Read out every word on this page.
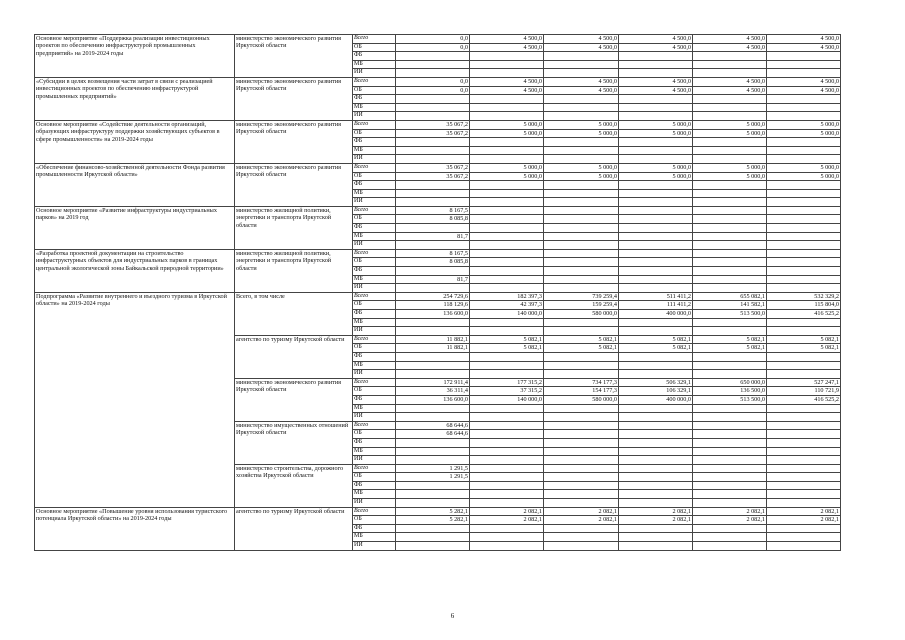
Основное мероприятие «Поддержка реализации инвестиционных проектов по обеспечению инфраструктурой промышленных предприятий» на 2019-2024 годы	министерство экономического развития Иркутской области	Всего	0,0	4 500,0	4 500,0	4 500,0	4 500,0	4 500,0
		ОБ	0,0	4 500,0	4 500,0	4 500,0	4 500,0	4 500,0
		ФБ						
		МБ						
		ИИ						
«Субсидии в целях возмещения части затрат в связи с реализацией инвестиционных проектов по обеспечению инфраструктурой промышленных предприятий»	министерство экономического развития Иркутской области	Всего	0,0	4 500,0	4 500,0	4 500,0	4 500,0	4 500,0
		ОБ	0,0	4 500,0	4 500,0	4 500,0	4 500,0	4 500,0
		ФБ						
		МБ						
		ИИ						
Основное мероприятие «Содействие деятельности организаций, образующих инфраструктуру поддержки хозяйствующих субъектов в сфере промышленности» на 2019-2024 годы	министерство экономического развития Иркутской области	Всего	35 067,2	5 000,0	5 000,0	5 000,0	5 000,0	5 000,0
		ОБ	35 067,2	5 000,0	5 000,0	5 000,0	5 000,0	5 000,0
		ФБ						
		МБ						
		ИИ						
«Обеспечение финансово-хозяйственной деятельности Фонда развития промышленности Иркутской области»	министерство экономического развития Иркутской области	Всего	35 067,2	5 000,0	5 000,0	5 000,0	5 000,0	5 000,0
		ОБ	35 067,2	5 000,0	5 000,0	5 000,0	5 000,0	5 000,0
		ФБ						
		МБ						
		ИИ						
Основное мероприятие «Развитие инфраструктуры индустриальных парков» на 2019 год	министерство жилищной политики, энергетики и транспорта Иркутской области	Всего	8 167,5					
		ОБ	8 085,8					
		ФБ						
		МБ	81,7					
		ИИ						
«Разработка проектной документации на строительство инфраструктурных объектов для индустриальных парков в границах центральной экологической зоны Байкальской природной территории»	министерство жилищной политики, энергетики и транспорта Иркутской области	Всего	8 167,5					
		ОБ	8 085,8					
		ФБ						
		МБ	81,7					
		ИИ						
Подпрограмма «Развитие внутреннего и въездного туризма в Иркутской области» на 2019-2024 годы	Всего, в том числе	Всего	254 729,6	182 397,3	739 259,4	511 411,2	655 082,1	532 329,2
		ОБ	118 129,6	42 397,3	159 259,4	111 411,2	141 582,1	115 804,0
		ФБ	136 600,0	140 000,0	580 000,0	400 000,0	513 500,0	416 525,2
		МБ						
		ИИ						
	агентство по туризму Иркутской области	Всего	11 882,1	5 082,1	5 082,1	5 082,1	5 082,1	5 082,1
		ОБ	11 882,1	5 082,1	5 082,1	5 082,1	5 082,1	5 082,1
		ФБ						
		МБ						
		ИИ						
	министерство экономического развития Иркутской области	Всего	172 911,4	177 315,2	734 177,3	506 329,1	650 000,0	527 247,1
		ОБ	36 311,4	37 315,2	154 177,3	106 329,1	136 500,0	110 721,9
		ФБ	136 600,0	140 000,0	580 000,0	400 000,0	513 500,0	416 525,2
		МБ						
		ИИ						
	министерство имущественных отношений Иркутской области	Всего	68 644,6					
		ОБ	68 644,6					
		ФБ						
		МБ						
		ИИ						
	министерство строительства, дорожного хозяйства Иркутской области	Всего	1 291,5					
		ОБ	1 291,5					
		ФБ						
		МБ						
		ИИ						
Основное мероприятие «Повышение уровня использования туристского потенциала Иркутской области» на 2019-2024 годы	агентство по туризму Иркутской области	Всего	5 282,1	2 082,1	2 082,1	2 082,1	2 082,1	2 082,1
		ОБ	5 282,1	2 082,1	2 082,1	2 082,1	2 082,1	2 082,1
		ФБ						
		МБ						
		ИИ						
6
